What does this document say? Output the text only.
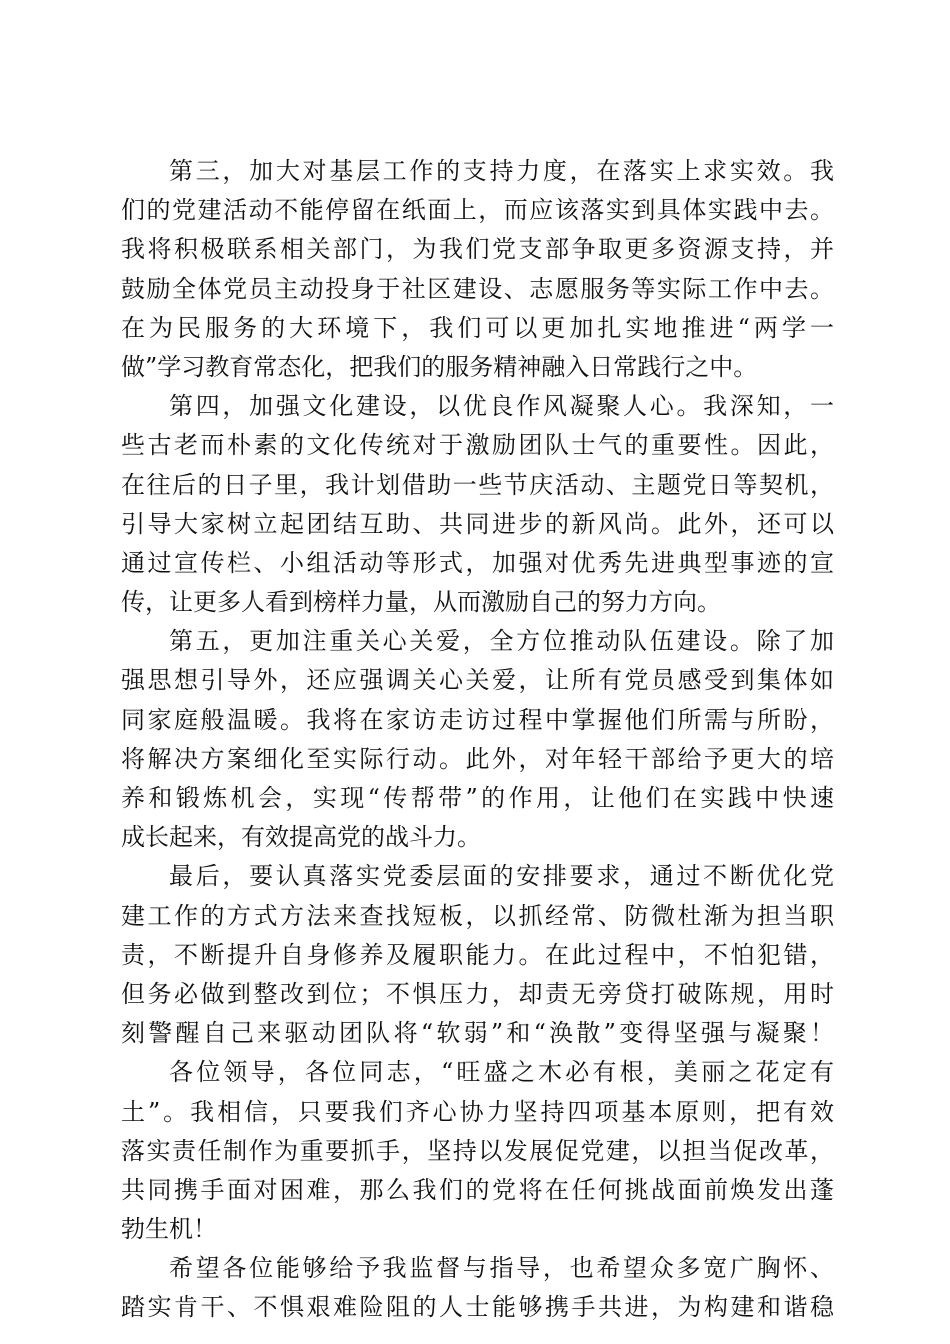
第三，加大对基层工作的支持力度，在落实上求实效。我
们的党建活动不能停留在纸面上，而应该落实到具体实践中去。
我将积极联系相关部门，为我们党支部争取更多资源支持，并
鼓励全体党员主动投身于社区建设、志愿服务等实际工作中去。
在为民服务的大环境下，我们可以更加扎实地推进“两学一
做”学习教育常态化，把我们的服务精神融入日常践行之中。
第四，加强文化建设，以优良作风凝聚人心。我深知，一
些古老而朴素的文化传统对于激励团队士气的重要性。因此，
在往后的日子里，我计划借助一些节庆活动、主题党日等契机，
引导大家树立起团结互助、共同进步的新风尚。此外，还可以
通过宣传栏、小组活动等形式，加强对优秀先进典型事迹的宣
传，让更多人看到榜样力量，从而激励自己的努力方向。
第五，更加注重关心关爱，全方位推动队伍建设。除了加
强思想引导外，还应强调关心关爱，让所有党员感受到集体如
同家庭般温暖。我将在家访走访过程中掌握他们所需与所盼，
将解决方案细化至实际行动。此外，对年轻干部给予更大的培
养和锻炼机会，实现“传帮带”的作用，让他们在实践中快速
成长起来，有效提高党的战斗力。
最后，要认真落实党委层面的安排要求，通过不断优化党
建工作的方式方法来查找短板，以抓经常、防微杜渐为担当职
责，不断提升自身修养及履职能力。在此过程中，不怕犯错，
但务必做到整改到位；不惧压力，却责无旁贷打破陈规，用时
刻警醒自己来驱动团队将“软弱”和“涣散”变得坚强与凝聚！
各位领导，各位同志，“旺盛之木必有根，美丽之花定有
土”。我相信，只要我们齐心协力坚持四项基本原则，把有效
落实责任制作为重要抓手，坚持以发展促党建，以担当促改革，
共同携手面对困难，那么我们的党将在任何挑战面前焕发出蓬
勃生机！
希望各位能够给予我监督与指导，也希望众多宽广胸怀、
踏实肯干、不惧艰难险阻的人士能够携手共进，为构建和谐稳
